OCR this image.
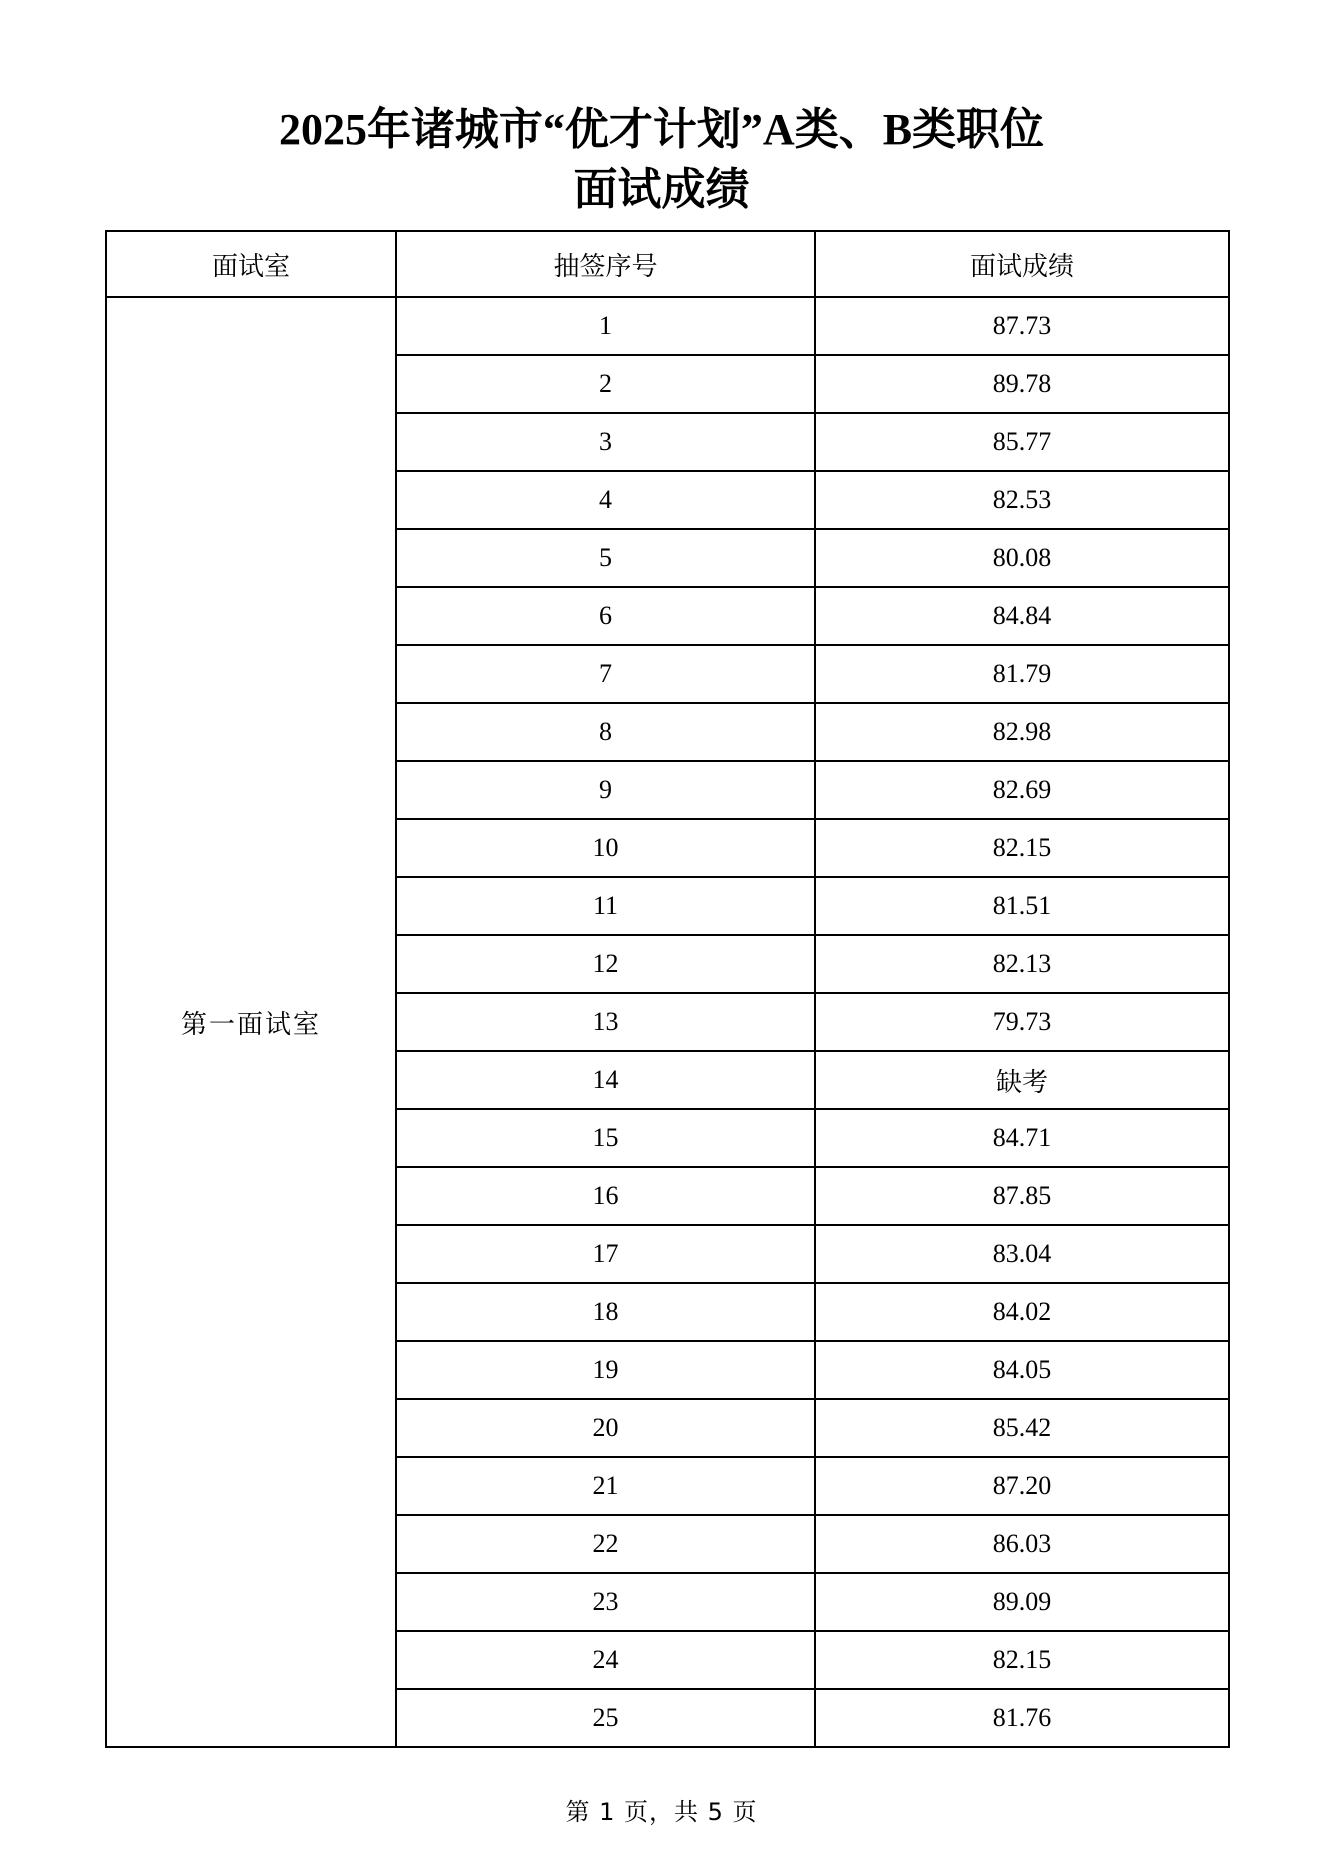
2025年诸城市“优才计划”A类、B类职位
面试成绩
面试室	抽签序号	面试成绩
第一面试室	1	87.73
	2	89.78
	3	85.77
	4	82.53
	5	80.08
	6	84.84
	7	81.79
	8	82.98
	9	82.69
	10	82.15
	11	81.51
	12	82.13
	13	79.73
	14	缺考
	15	84.71
	16	87.85
	17	83.04
	18	84.02
	19	84.05
	20	85.42
	21	87.20
	22	86.03
	23	89.09
	24	82.15
	25	81.76
第 1 页，共 5 页
